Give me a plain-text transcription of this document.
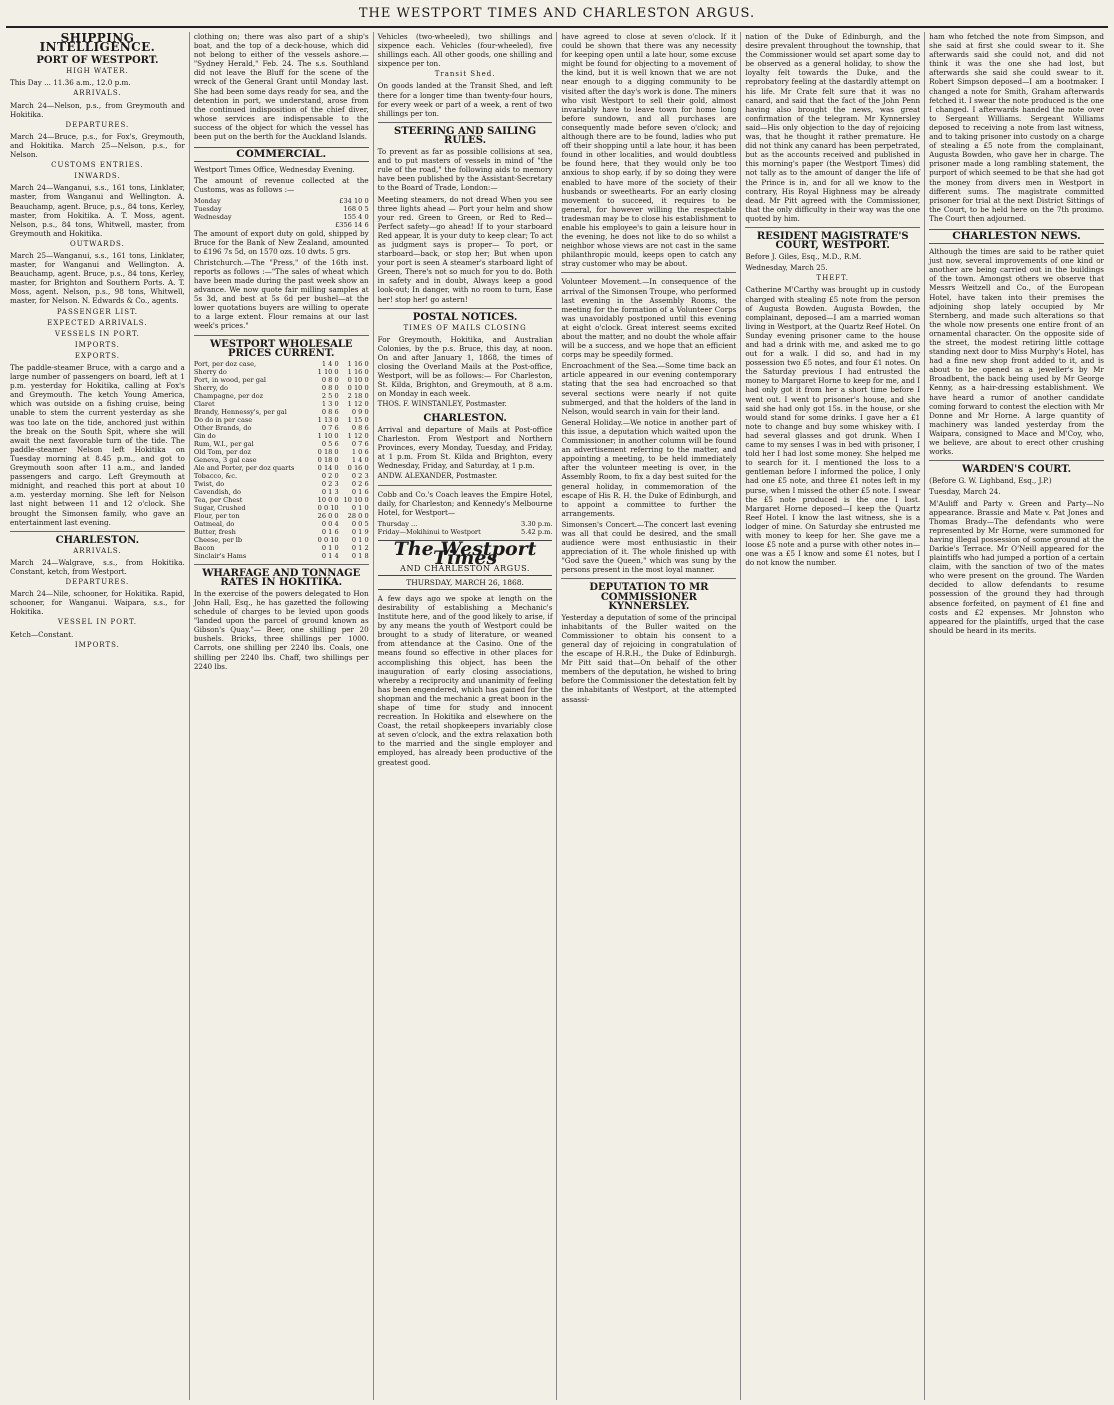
THE WESTPORT TIMES AND CHARLESTON ARGUS.
SHIPPING INTELLIGENCE.
PORT OF WESTPORT.
HIGH WATER.

This Day ... 11.36 a.m., 12.0 p.m.

ARRIVALS.

March 24—Nelson, p.s., from Greymouth and Hokitika.

DEPARTURES.

March 24—Bruce, p.s., for Fox's, Greymouth, and Hokitika. March 25—Nelson, p.s., for Nelson.

CUSTOMS ENTRIES.
INWARDS.

March 24—Wanganui, s.s., 161 tons, Linklater, master, from Wanganui and Wellington. A. Beauchamp, agent. Bruce, p.s., 84 tons, Kerley, master, from Hokitika. A. T. Moss, agent. Nelson, p.s., 84 tons, Whitwell, master, from Greymouth and Hokitika.

OUTWARDS.

March 25—Wanganui, s.s., 161 tons, Linklater, master, for Wanganui and Wellington. A. Beauchamp, agent. Bruce, p.s., 84 tons, Kerley, master, for Brighton and Southern Ports. A. T. Moss, agent. Nelson, p.s., 98 tons, Whitwell, master, for Nelson. N. Edwards & Co., agents.

PASSENGER LIST.
EXPECTED ARRIVALS.
VESSELS IN PORT.
IMPORTS.
EXPORTS.

The paddle-steamer Bruce, with a cargo and a large number of passengers on board, left at 1 p.m. yesterday for Hokitika, calling at Fox's and Greymouth. The ketch Young America, which was outside on a fishing cruise, being unable to stem the current yesterday as she was too late on the tide, anchored just within the break on the South Spit, where she will await the next favorable turn of the tide. The paddle-steamer Nelson left Hokitika on Tuesday morning at 8.45 p.m., and got to Greymouth soon after 11 a.m., and landed passengers and cargo. Left Greymouth at midnight, and reached this port at about 10 a.m. yesterday morning. She left for Nelson last night between 11 and 12 o'clock. She brought the Simonsen family, who gave an entertainment last evening.

CHARLESTON.
ARRIVALS.

March 24—Walgrave, s.s., from Hokitika. Constant, ketch, from Westport.

DEPARTURES.

March 24—Nile, schooner, for Hokitika. Rapid, schooner, for Wanganui. Waipara, s.s., for Hokitika.

VESSEL IN PORT.

Ketch—Constant.

IMPORTS.

clothing on; there was also part of a ship's boat, and the top of a deck-house, which did not belong to either of the vessels ashore.— "Sydney Herald," Feb. 24. The s.s. Southland did not leave the Bluff for the scene of the wreck of the General Grant until Monday last. She had been some days ready for sea, and the detention in port, we understand, arose from the continued indisposition of the chief diver, whose services are indispensable to the success of the object for which the vessel has been put on the berth for the Auckland Islands.

COMMERCIAL.

Westport Times Office, Wednesday Evening.

The amount of revenue collected at the Customs, was as follows :—

Monday	£34 10 0
Tuesday	168 0 5
Wednesday	155 4 0
	£356 14 6

The amount of export duty on gold, shipped by Bruce for the Bank of New Zealand, amounted to £196 7s 5d, on 1570 ozs. 10 dwts. 5 grs.

Christchurch.—The "Press," of the 16th inst. reports as follows :—"The sales of wheat which have been made during the past week show an advance. We now quote fair milling samples at 5s 3d, and best at 5s 6d per bushel—at the lower quotations buyers are willing to operate to a large extent. Flour remains at our last week's prices."

WESTPORT WHOLESALE PRICES CURRENT.
Port, per doz case,	1 4 0	1 16 0
Sherry do	1 10 0	1 16 0
Port, in wood, per gal	0 8 0	0 10 0
Sherry, do	0 8 0	0 10 0
Champagne, per doz	2 5 0	2 18 0
Claret	1 3 0	1 12 0
Brandy, Hennessy's, per gal	0 8 6	0 9 0
Do do in per case	1 13 0	1 15 0
Other Brands, do	0 7 6	0 8 6
Gin do	1 10 0	1 12 0
Rum, W.I., per gal	0 5 6	0 7 6
Old Tom, per doz	0 18 0	1 0 6
Geneva, 3 gal case	0 18 0	1 4 0
Ale and Porter, per doz quarts	0 14 0	0 16 0
Tobacco, &c.	0 2 0	0 2 3
Twist, do	0 2 3	0 2 6
Cavendish, do	0 1 3	0 1 6
Tea, per Chest	10 0 0	10 10 0
Sugar, Crushed	0 0 10	0 1 0
Flour, per ton	26 0 0	28 0 0
Oatmeal, do	0 0 4	0 0 5
Butter, fresh	0 1 6	0 1 9
Cheese, per lb	0 0 10	0 1 0
Bacon	0 1 0	0 1 2
Sinclair's Hams	0 1 4	0 1 8
WHARFAGE AND TONNAGE RATES IN HOKITIKA.

In the exercise of the powers delegated to Hon John Hall, Esq., he has gazetted the following schedule of charges to be levied upon goods "landed upon the parcel of ground known as Gibson's Quay."— Beer, one shilling per 20 bushels. Bricks, three shillings per 1000. Carrots, one shilling per 2240 lbs. Coals, one shilling per 2240 lbs. Chaff, two shillings per 2240 lbs.

Vehicles (two-wheeled), two shillings and sixpence each. Vehicles (four-wheeled), five shillings each. All other goods, one shilling and sixpence per ton.

Transit Shed.

On goods landed at the Transit Shed, and left there for a longer time than twenty-four hours, for every week or part of a week, a rent of two shillings per ton.

STEERING AND SAILING RULES.

To prevent as far as possible collisions at sea, and to put masters of vessels in mind of "the rule of the road," the following aids to memory have been published by the Assistant-Secretary to the Board of Trade, London:—

Meeting steamers, do not dread When you see three lights ahead — Port your helm and show your red. Green to Green, or Red to Red— Perfect safety—go ahead! If to your starboard Red appear, It is your duty to keep clear; To act as judgment says is proper— To port, or starboard—back, or stop her; But when upon your port is seen A steamer's starboard light of Green, There's not so much for you to do. Both in safety and in doubt, Always keep a good look-out; In danger, with no room to turn, Ease her! stop her! go astern!

POSTAL NOTICES.
TIMES OF MAILS CLOSING

For Greymouth, Hokitika, and Australian Colonies, by the p.s. Bruce, this day, at noon. On and after January 1, 1868, the times of closing the Overland Mails at the Post-office, Westport, will be as follows:— For Charleston, St. Kilda, Brighton, and Greymouth, at 8 a.m. on Monday in each week.

THOS. F. WINSTANLEY, Postmaster.

CHARLESTON.

Arrival and departure of Mails at Post-office Charleston. From Westport and Northern Provinces, every Monday, Tuesday, and Friday, at 1 p.m. From St. Kilda and Brighton, every Wednesday, Friday, and Saturday, at 1 p.m.

ANDW. ALEXANDER, Postmaster.

Cobb and Co.'s Coach leaves the Empire Hotel, daily, for Charleston; and Kennedy's Melbourne Hotel, for Westport—

Thursday ...	3.30 p.m.
Friday—Mokihinui to Westport	5.42 p.m.
The Westport Times
AND CHARLESTON ARGUS.
THURSDAY, MARCH 26, 1868.

A few days ago we spoke at length on the desirability of establishing a Mechanic's Institute here, and of the good likely to arise, if by any means the youth of Westport could be brought to a study of literature, or weaned from attendance at the Casino. One of the means found so effective in other places for accomplishing this object, has been the inauguration of early closing associations, whereby a reciprocity and unanimity of feeling has been engendered, which has gained for the shopman and the mechanic a great boon in the shape of time for study and innocent recreation. In Hokitika and elsewhere on the Coast, the retail shopkeepers invariably close at seven o'clock, and the extra relaxation both to the married and the single employer and employed, has already been productive of the greatest good.

have agreed to close at seven o'clock. If it could be shown that there was any necessity for keeping open until a late hour, some excuse might be found for objecting to a movement of the kind, but it is well known that we are not near enough to a digging community to be visited after the day's work is done. The miners who visit Westport to sell their gold, almost invariably have to leave town for home long before sundown, and all purchases are consequently made before seven o'clock; and although there are to be found, ladies who put off their shopping until a late hour, it has been found in other localities, and would doubtless be found here, that they would only be too anxious to shop early, if by so doing they were enabled to have more of the society of their husbands or sweethearts. For an early closing movement to succeed, it requires to be general, for however willing the respectable tradesman may be to close his establishment to enable his employee's to gain a leisure hour in the evening, he does not like to do so whilst a neighbor whose views are not cast in the same philanthropic mould, keeps open to catch any stray customer who may be about.

Volunteer Movement.—In consequence of the arrival of the Simonsen Troupe, who performed last evening in the Assembly Rooms, the meeting for the formation of a Volunteer Corps was unavoidably postponed until this evening at eight o'clock. Great interest seems excited about the matter, and no doubt the whole affair will be a success, and we hope that an efficient corps may be speedily formed.

Encroachment of the Sea.—Some time back an article appeared in our evening contemporary stating that the sea had encroached so that several sections were nearly if not quite submerged, and that the holders of the land in Nelson, would search in vain for their land.

General Holiday.—We notice in another part of this issue, a deputation which waited upon the Commissioner; in another column will be found an advertisement referring to the matter, and appointing a meeting, to be held immediately after the volunteer meeting is over, in the Assembly Room, to fix a day best suited for the general holiday, in commemoration of the escape of His R. H. the Duke of Edinburgh, and to appoint a committee to further the arrangements.

Simonsen's Concert.—The concert last evening was all that could be desired, and the small audience were most enthusiastic in their appreciation of it. The whole finished up with "God save the Queen," which was sung by the persons present in the most loyal manner.

DEPUTATION TO MR COMMISSIONER KYNNERSLEY.

Yesterday a deputation of some of the principal inhabitants of the Buller waited on the Commissioner to obtain his consent to a general day of rejoicing in congratulation of the escape of H.R.H., the Duke of Edinburgh. Mr Pitt said that—On behalf of the other members of the deputation, he wished to bring before the Commissioner the detestation felt by the inhabitants of Westport, at the attempted assassi-

nation of the Duke of Edinburgh, and the desire prevalent throughout the township, that the Commissioner would set apart some day to be observed as a general holiday, to show the loyalty felt towards the Duke, and the reprobatory feeling at the dastardly attempt on his life. Mr Crate felt sure that it was no canard, and said that the fact of the John Penn having also brought the news, was great confirmation of the telegram. Mr Kynnersley said—His only objection to the day of rejoicing was, that he thought it rather premature. He did not think any canard has been perpetrated, but as the accounts received and published in this morning's paper (the Westport Times) did not tally as to the amount of danger the life of the Prince is in, and for all we know to the contrary, His Royal Highness may be already dead. Mr Pitt agreed with the Commissioner, that the only difficulty in their way was the one quoted by him.

RESIDENT MAGISTRATE'S COURT, WESTPORT.

Before J. Giles, Esq., M.D., R.M.

Wednesday, March 25.

THEFT.

Catherine M'Carthy was brought up in custody charged with stealing £5 note from the person of Augusta Bowden. Augusta Bowden, the complainant, deposed—I am a married woman living in Westport, at the Quartz Reef Hotel. On Sunday evening prisoner came to the house and had a drink with me, and asked me to go out for a walk. I did so, and had in my possession two £5 notes, and four £1 notes. On the Saturday previous I had entrusted the money to Margaret Horne to keep for me, and I had only got it from her a short time before I went out. I went to prisoner's house, and she said she had only got 15s. in the house, or she would stand for some drinks. I gave her a £1 note to change and buy some whiskey with. I had several glasses and got drunk. When I came to my senses I was in bed with prisoner, I told her I had lost some money. She helped me to search for it. I mentioned the loss to a gentleman before I informed the police, I only had one £5 note, and three £1 notes left in my purse, when I missed the other £5 note. I swear the £5 note produced is the one I lost. Margaret Horne deposed—I keep the Quartz Reef Hotel. I know the last witness, she is a lodger of mine. On Saturday she entrusted me with money to keep for her. She gave me a loose £5 note and a purse with other notes in—one was a £5 I know and some £1 notes, but I do not know the number.

ham who fetched the note from Simpson, and she said at first she could swear to it. She afterwards said she could not, and did not think it was the one she had lost, but afterwards she said she could swear to it. Robert Simpson deposed—I am a bootmaker. I changed a note for Smith, Graham afterwards fetched it. I swear the note produced is the one I changed. I afterwards handed the note over to Sergeant Williams. Sergeant Williams deposed to receiving a note from last witness, and to taking prisoner into custody on a charge of stealing a £5 note from the complainant, Augusta Bowden, who gave her in charge. The prisoner made a long rambling statement, the purport of which seemed to be that she had got the money from divers men in Westport in different sums. The magistrate committed prisoner for trial at the next District Sittings of the Court, to be held here on the 7th proximo. The Court then adjourned.

CHARLESTON NEWS.

Although the times are said to be rather quiet just now, several improvements of one kind or another are being carried out in the buildings of the town. Amongst others we observe that Messrs Weitzell and Co., of the European Hotel, have taken into their premises the adjoining shop lately occupied by Mr Sternberg, and made such alterations so that the whole now presents one entire front of an ornamental character. On the opposite side of the street, the modest retiring little cottage standing next door to Miss Murphy's Hotel, has had a fine new shop front added to it, and is about to be opened as a jeweller's by Mr Broadbent, the back being used by Mr George Kenny, as a hair-dressing establishment. We have heard a rumor of another candidate coming forward to contest the election with Mr Donne and Mr Horne. A large quantity of machinery was landed yesterday from the Waipara, consigned to Mace and M'Coy, who, we believe, are about to erect other crushing works.

WARDEN'S COURT.

(Before G. W. Lighband, Esq., J.P.)

Tuesday, March 24.

M'Auliff and Party v. Green and Party—No appearance. Brassie and Mate v. Pat Jones and Thomas Brady—The defendants who were represented by Mr Horne, were summoned for having illegal possession of some ground at the Darkie's Terrace. Mr O'Neill appeared for the plaintiffs who had jumped a portion of a certain claim, with the sanction of two of the mates who were present on the ground. The Warden decided to allow defendants to resume possession of the ground they had through absence forfeited, on payment of £1 fine and costs and £2 expenses. Mr Johnston who appeared for the plaintiffs, urged that the case should be heard in its merits.
